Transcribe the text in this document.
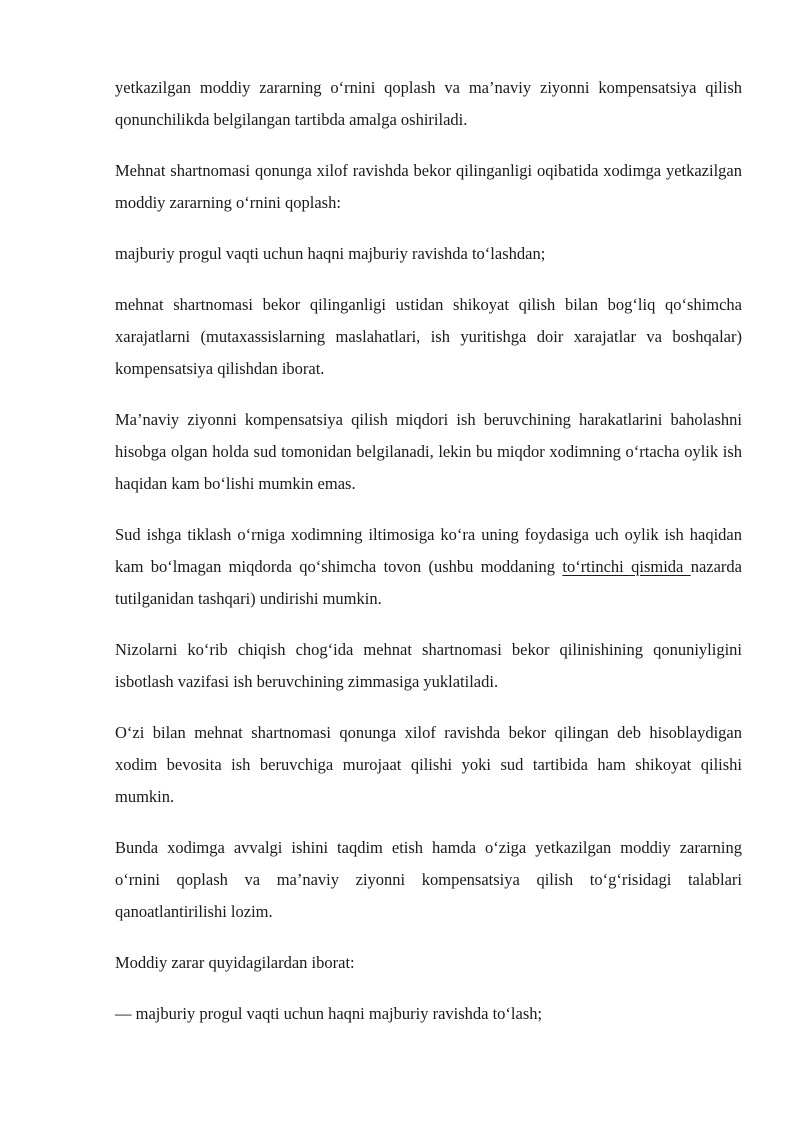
yetkazilgan moddiy zararning o‘rnini qoplash va ma’naviy ziyonni kompensatsiya qilish qonunchilikda belgilangan tartibda amalga oshiriladi.

Mehnat shartnomasi qonunga xilof ravishda bekor qilinganligi oqibatida xodimga yetkazilgan moddiy zararning o‘rnini qoplash:

majburiy progul vaqti uchun haqni majburiy ravishda to‘lashdan;

mehnat shartnomasi bekor qilinganligi ustidan shikoyat qilish bilan bog‘liq qo‘shimcha xarajatlarni (mutaxassislarning maslahatlari, ish yuritishga doir xarajatlar va boshqalar) kompensatsiya qilishdan iborat.

Ma’naviy ziyonni kompensatsiya qilish miqdori ish beruvchining harakatlarini baholashni hisobga olgan holda sud tomonidan belgilanadi, lekin bu miqdor xodimning o‘rtacha oylik ish haqidan kam bo‘lishi mumkin emas.

Sud ishga tiklash o‘rniga xodimning iltimosiga ko‘ra uning foydasiga uch oylik ish haqidan kam bo‘lmagan miqdorda qo‘shimcha tovon (ushbu moddaning to‘rtinchi qismida nazarda tutilganidan tashqari) undirishi mumkin.

Nizolarni ko‘rib chiqish chog‘ida mehnat shartnomasi bekor qilinishining qonuniyligini isbotlash vazifasi ish beruvchining zimmasiga yuklatiladi.

O‘zi bilan mehnat shartnomasi qonunga xilof ravishda bekor qilingan deb hisoblaydigan xodim bevosita ish beruvchiga murojaat qilishi yoki sud tartibida ham shikoyat qilishi mumkin.

Bunda xodimga avvalgi ishini taqdim etish hamda o‘ziga yetkazilgan moddiy zararning o‘rnini qoplash va ma’naviy ziyonni kompensatsiya qilish to‘g‘risidagi talablari qanoatlantirilishi lozim.

Moddiy zarar quyidagilardan iborat:

— majburiy progul vaqti uchun haqni majburiy ravishda to‘lash;
